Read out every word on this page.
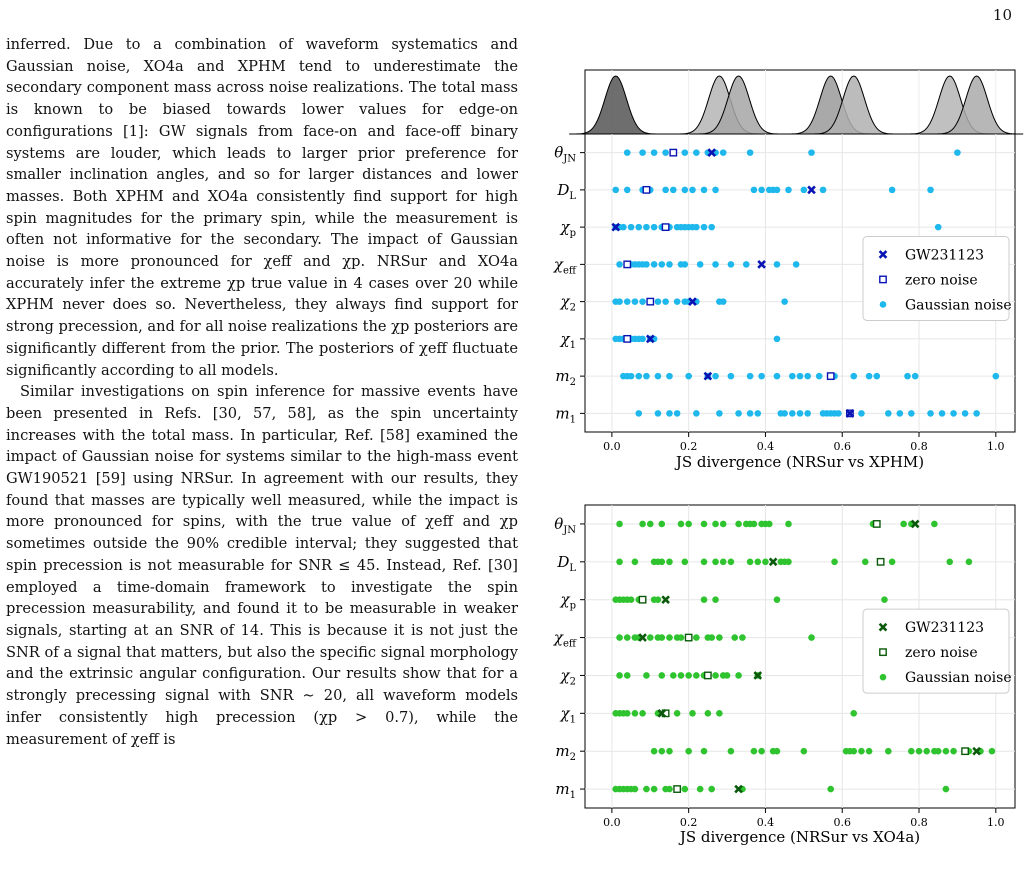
10

inferred. Due to a combination of waveform systematics and Gaussian noise, XO4a and XPHM tend to underestimate the secondary component mass across noise realizations. The total mass is known to be biased towards lower values for edge-on configurations [1]: GW signals from face-on and face-off binary systems are louder, which leads to larger prior preference for smaller inclination angles, and so for larger distances and lower masses. Both XPHM and XO4a consistently find support for high spin magnitudes for the primary spin, while the measurement is often not informative for the secondary. The impact of Gaussian noise is more pronounced for χeff and χp. NRSur and XO4a accurately infer the extreme χp true value in 4 cases over 20 while XPHM never does so. Nevertheless, they always find support for strong precession, and for all noise realizations the χp posteriors are significantly different from the prior. The posteriors of χeff fluctuate significantly according to all models.

Similar investigations on spin inference for massive events have been presented in Refs. [30, 57, 58], as the spin uncertainty increases with the total mass. In particular, Ref. [58] examined the impact of Gaussian noise for systems similar to the high-mass event GW190521 [59] using NRSur. In agreement with our results, they found that masses are typically well measured, while the impact is more pronounced for spins, with the true value of χeff and χp sometimes outside the 90% credible interval; they suggested that spin precession is not measurable for SNR ≤ 45. Instead, Ref. [30] employed a time-domain framework to investigate the spin precession measurability, and found it to be measurable in weaker signals, starting at an SNR of 14. This is because it is not just the SNR of a signal that matters, but also the specific signal morphology and the extrinsic angular configuration. Our results show that for a strongly precessing signal with SNR ∼ 20, all waveform models infer consistently high precession (χp > 0.7), while the measurement of χeff is

0.0	0.2	0.4	0.6	0.8	1.0
$\theta_{JN}$
$D_L$
$\chi_p$
$\chi_{eff}$
$\chi_2$
$\chi_1$
$m_2$
$m_1$
GW231123
zero noise
Gaussian noise
JS divergence (NRSur vs XPHM)
0.0	0.2	0.4	0.6	0.8	1.0
$\theta_{JN}$
$D_L$
$\chi_p$
$\chi_{eff}$
$\chi_2$
$\chi_1$
$m_2$
$m_1$
GW231123
zero noise
Gaussian noise
JS divergence (NRSur vs XO4a)
